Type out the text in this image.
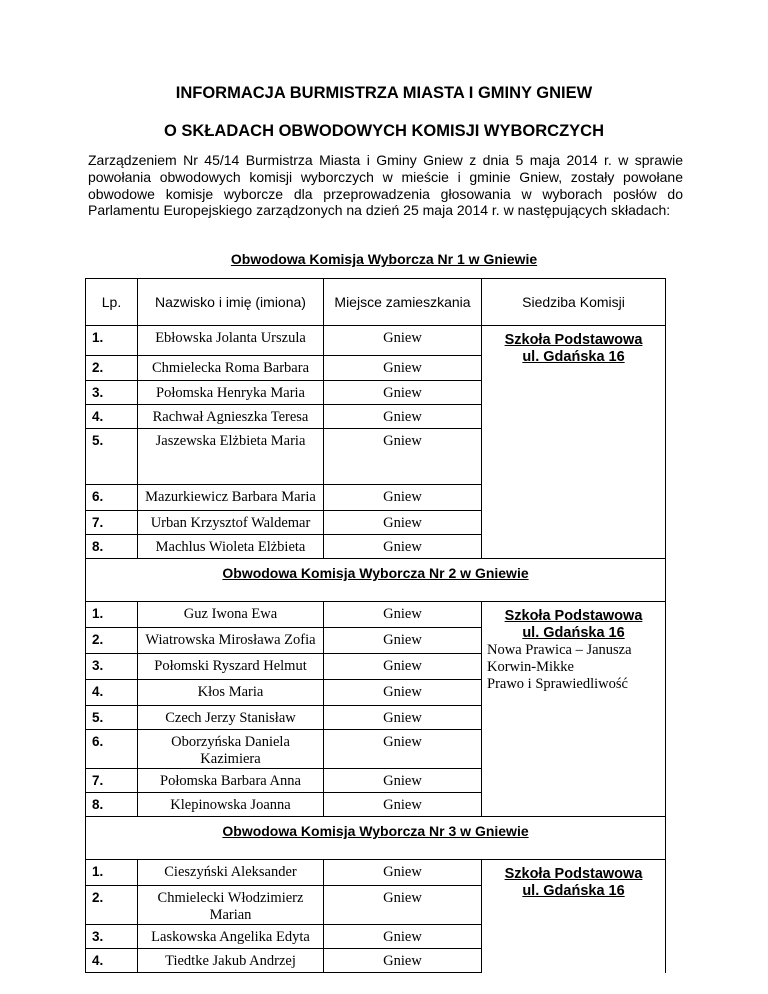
INFORMACJA BURMISTRZA MIASTA I GMINY GNIEW
O SKŁADACH OBWODOWYCH KOMISJI WYBORCZYCH

Zarządzeniem Nr 45/14 Burmistrza Miasta i Gminy Gniew z dnia 5 maja 2014 r. w sprawie powołania obwodowych komisji wyborczych w mieście i gminie Gniew, zostały powołane obwodowe komisje wyborcze dla przeprowadzenia głosowania w wyborach posłów do Parlamentu Europejskiego zarządzonych na dzień 25 maja 2014 r. w następujących składach:

Obwodowa Komisja Wyborcza Nr 1 w Gniewie
Lp.	Nazwisko i imię (imiona)	Miejsce zamieszkania	Siedziba Komisji
1.	Ebłowska Jolanta Urszula	Gniew	Szkoła Podstawowa
ul. Gdańska 16

2.	Chmielecka Roma Barbara	Gniew	
3.	Połomska Henryka Maria	Gniew	
4.	Rachwał Agnieszka Teresa	Gniew	
5.	Jaszewska Elżbieta Maria	Gniew	
6.	Mazurkiewicz Barbara Maria	Gniew	
7.	Urban Krzysztof Waldemar	Gniew	
8.	Machlus Wioleta Elżbieta	Gniew	
Obwodowa Komisja Wyborcza Nr 2 w Gniewie			
1.	Guz Iwona Ewa	Gniew	Szkoła Podstawowa
ul. Gdańska 16
Nowa Prawica – Janusza
Korwin-Mikke
Prawo i Sprawiedliwość

2.	Wiatrowska Mirosława Zofia	Gniew	
3.	Połomski Ryszard Helmut	Gniew	
4.	Kłos Maria	Gniew	
5.	Czech Jerzy Stanisław	Gniew	
6.	Oborzyńska Daniela Kazimiera	Gniew	
7.	Połomska Barbara Anna	Gniew	
8.	Klepinowska Joanna	Gniew	
Obwodowa Komisja Wyborcza Nr 3 w Gniewie			
1.	Cieszyński Aleksander	Gniew	Szkoła Podstawowa
ul. Gdańska 16

2.	Chmielecki Włodzimierz Marian	Gniew	
3.	Laskowska Angelika Edyta	Gniew	
4.	Tiedtke Jakub Andrzej	Gniew	
